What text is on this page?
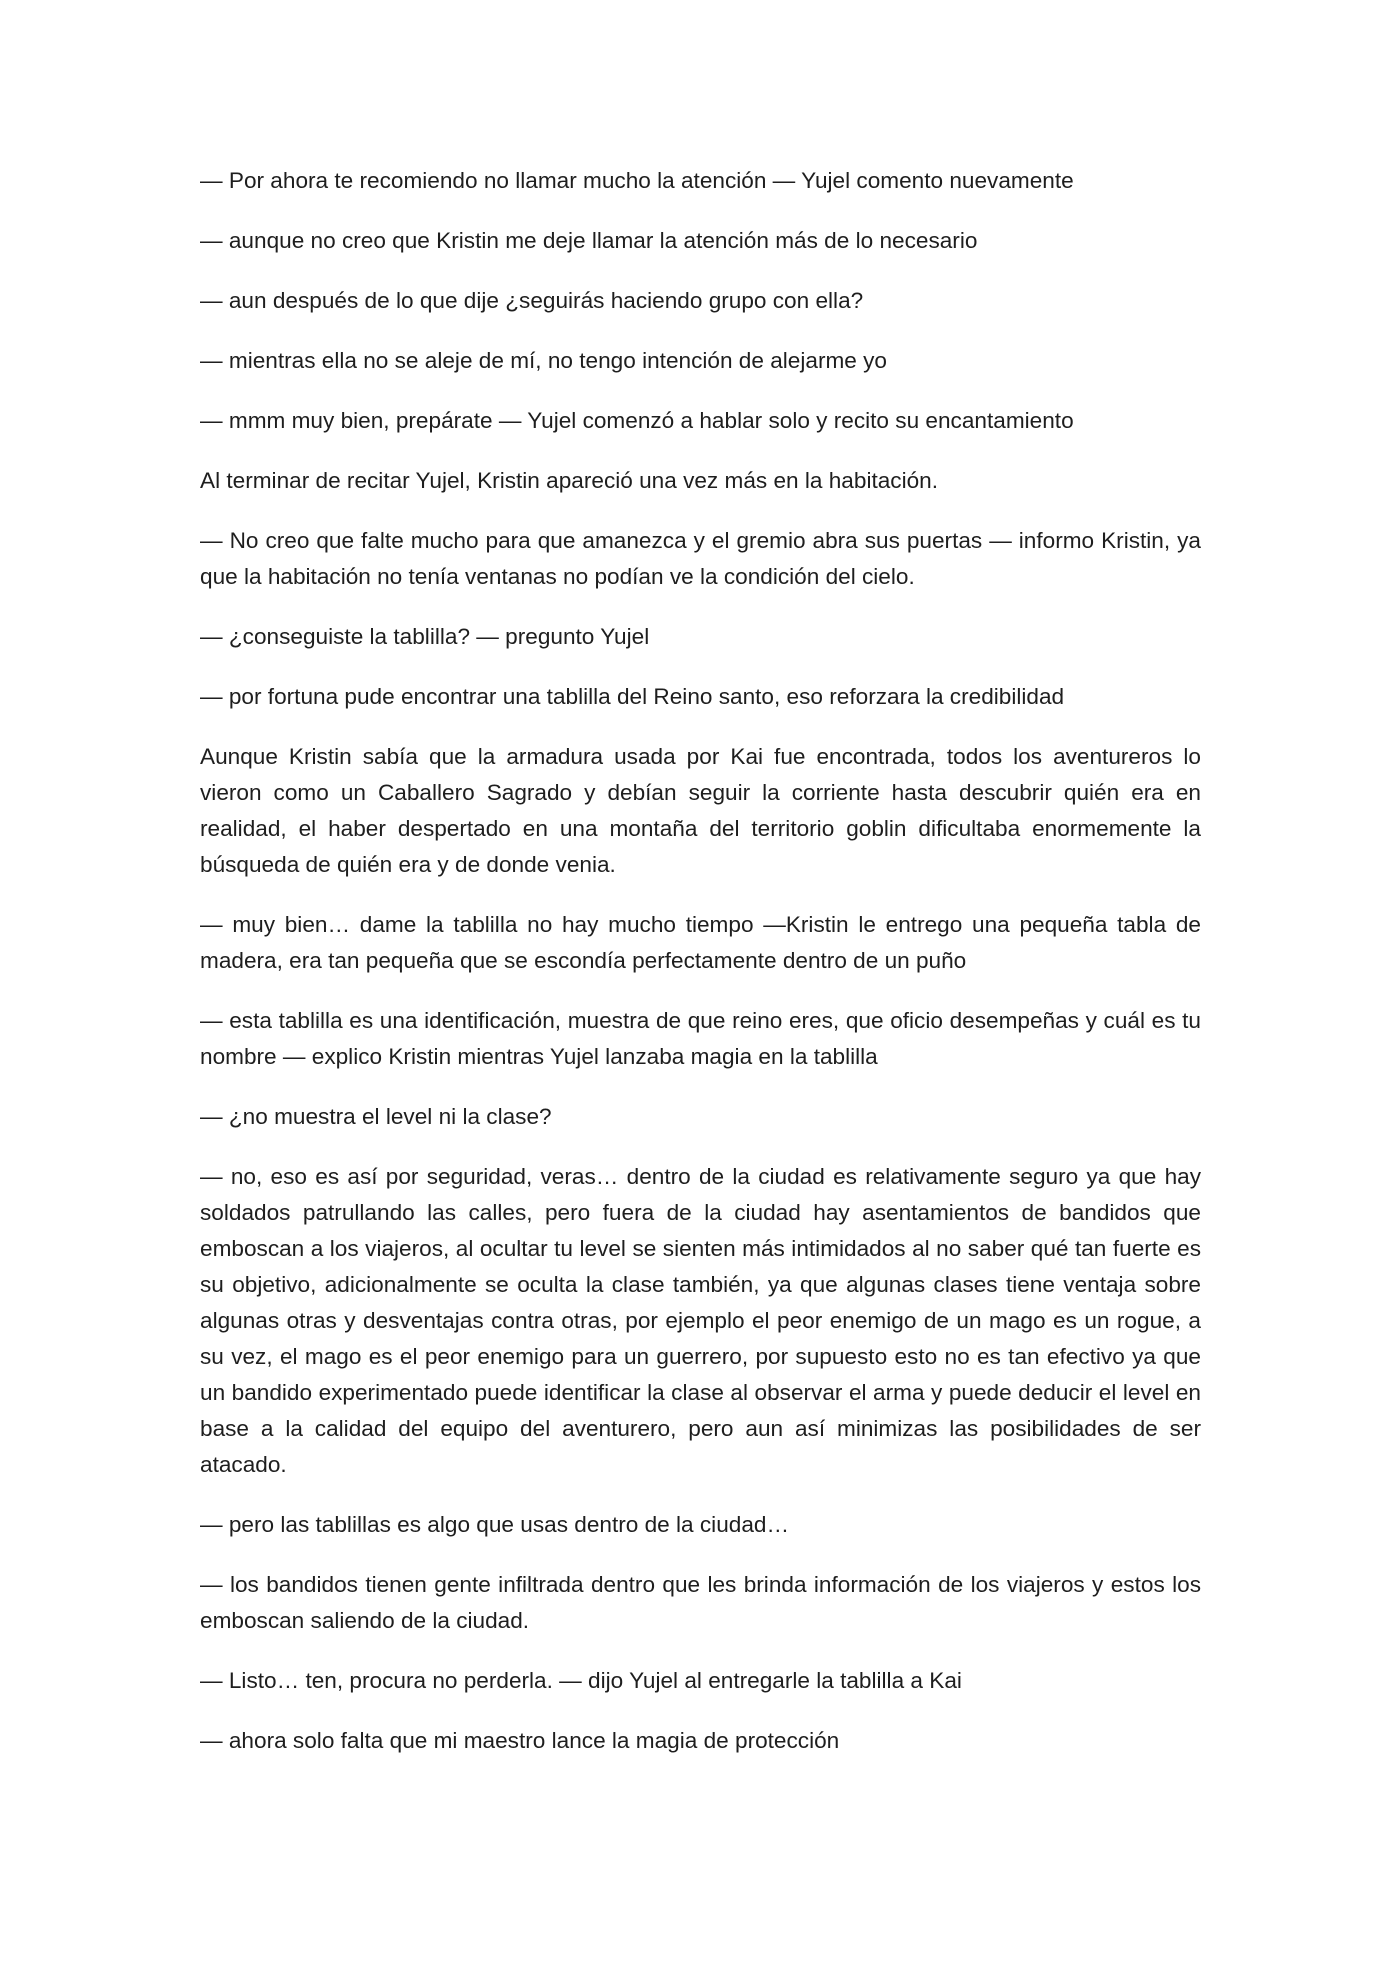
— Por ahora te recomiendo no llamar mucho la atención — Yujel comento nuevamente

— aunque no creo que Kristin me deje llamar la atención más de lo necesario

— aun después de lo que dije ¿seguirás haciendo grupo con ella?

— mientras ella no se aleje de mí, no tengo intención de alejarme yo

— mmm muy bien, prepárate — Yujel comenzó a hablar solo y recito su encantamiento

Al terminar de recitar Yujel, Kristin apareció una vez más en la habitación.

— No creo que falte mucho para que amanezca y el gremio abra sus puertas — informo Kristin, ya que la habitación no tenía ventanas no podían ve la condición del cielo.

— ¿conseguiste la tablilla? — pregunto Yujel

— por fortuna pude encontrar una tablilla del Reino santo, eso reforzara la credibilidad

Aunque Kristin sabía que la armadura usada por Kai fue encontrada, todos los aventureros lo vieron como un Caballero Sagrado y debían seguir la corriente hasta descubrir quién era en realidad, el haber despertado en una montaña del territorio goblin dificultaba enormemente la búsqueda de quién era y de donde venia.

— muy bien… dame la tablilla no hay mucho tiempo —Kristin le entrego una pequeña tabla de madera, era tan pequeña que se escondía perfectamente dentro de un puño

— esta tablilla es una identificación, muestra de que reino eres, que oficio desempeñas y cuál es tu nombre — explico Kristin mientras Yujel lanzaba magia en la tablilla

— ¿no muestra el level ni la clase?

— no, eso es así por seguridad, veras… dentro de la ciudad es relativamente seguro ya que hay soldados patrullando las calles, pero fuera de la ciudad hay asentamientos de bandidos que emboscan a los viajeros, al ocultar tu level se sienten más intimidados al no saber qué tan fuerte es su objetivo, adicionalmente se oculta la clase también, ya que algunas clases tiene ventaja sobre algunas otras y desventajas contra otras, por ejemplo el peor enemigo de un mago es un rogue, a su vez, el mago es el peor enemigo para un guerrero, por supuesto esto no es tan efectivo ya que un bandido experimentado puede identificar la clase al observar el arma y puede deducir el level en base a la calidad del equipo del aventurero, pero aun así minimizas las posibilidades de ser atacado.

— pero las tablillas es algo que usas dentro de la ciudad…

— los bandidos tienen gente infiltrada dentro que les brinda información de los viajeros y estos los emboscan saliendo de la ciudad.

— Listo… ten, procura no perderla. — dijo Yujel al entregarle la tablilla a Kai

— ahora solo falta que mi maestro lance la magia de protección
